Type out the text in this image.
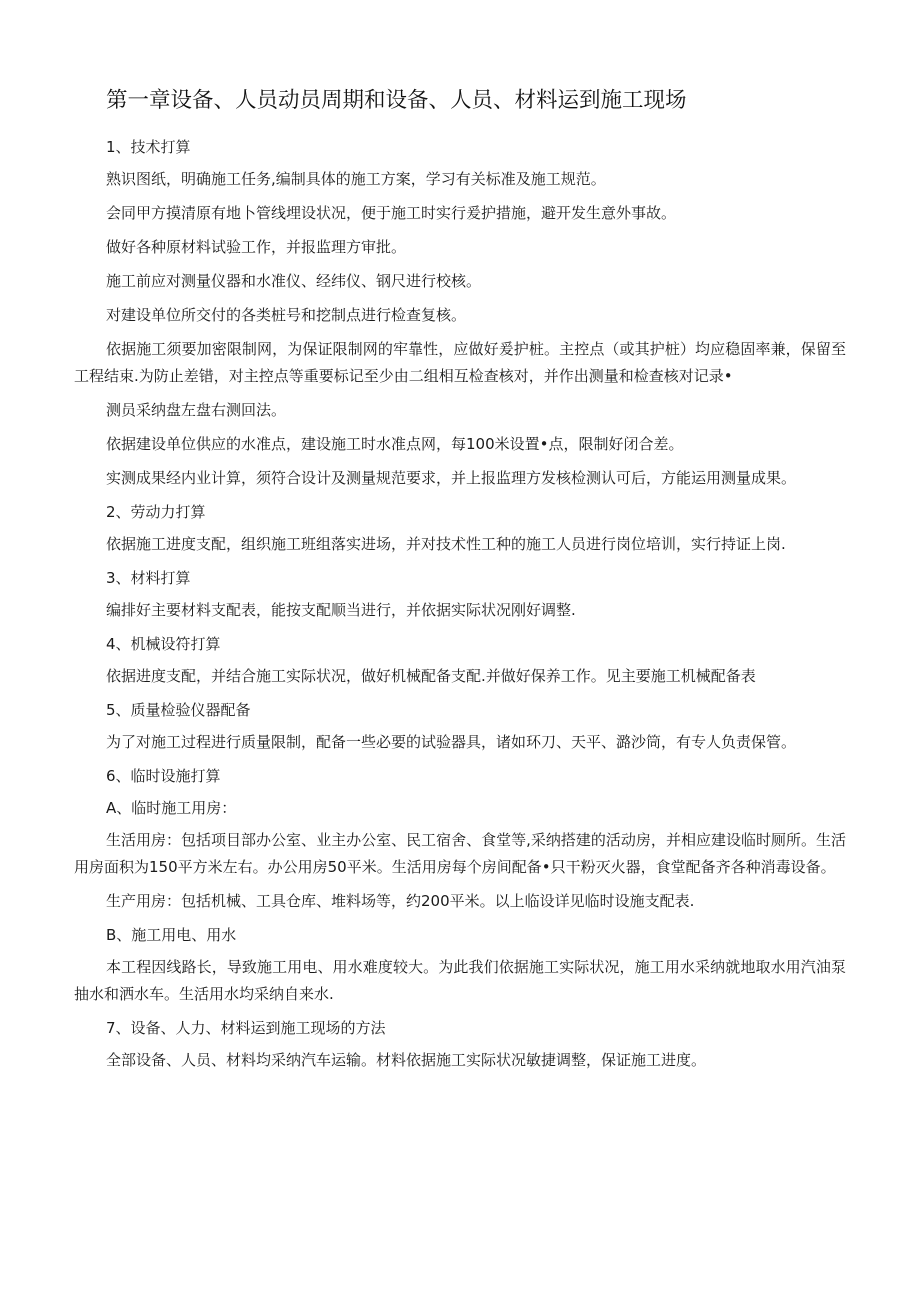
第一章设备、人员动员周期和设备、人员、材料运到施工现场

1、技术打算

熟识图纸，明确施工任务,编制具体的施工方案，学习有关标准及施工规范。

会同甲方摸清原有地卜管线埋设状况，便于施工时实行爰护措施，避开发生意外事故。

做好各种原材料试验工作，并报监理方审批。

施工前应对测量仪器和水准仪、经纬仪、钢尺进行校核。

对建设单位所交付的各类桩号和挖制点进行检查复核。

依据施工须要加密限制网，为保证限制网的牢靠性，应做好爰护桩。主控点（或其护桩）均应稳固率兼，保留至工程结束.为防止差错，对主控点等重要标记至少由二组相互检查核对，并作出测量和检查核对记录•

测员采纳盘左盘右测回法。

依据建设单位供应的水准点，建设施工时水准点网，每100米设置•点，限制好闭合差。

实测成果经内业计算，须符合设计及测量规范要求，并上报监理方发核检测认可后，方能运用测量成果。

2、劳动力打算

依据施工进度支配，组织施工班组落实进场，并对技术性工种的施工人员进行岗位培训，实行持证上岗.

3、材料打算

编排好主要材料支配表，能按支配顺当进行，并依据实际状况刚好调整.

4、机械设符打算

依据进度支配，并结合施工实际状况，做好机械配备支配.并做好保养工作。见主要施工机械配备表

5、质量检验仪器配备

为了对施工过程进行质量限制，配备一些必要的试验器具，诸如环刀、天平、潞沙筒，有专人负责保管。

6、临时设施打算

A、临时施工用房：

生活用房：包括项目部办公室、业主办公室、民工宿舍、食堂等,采纳搭建的活动房，并相应建设临时厕所。生活用房面积为150平方米左右。办公用房50平米。生活用房每个房间配备•只干粉灭火器，食堂配备齐各种消毒设备。

生产用房：包括机械、工具仓库、堆料场等，约200平米。以上临设详见临时设施支配表.

B、施工用电、用水

本工程因线路长，导致施工用电、用水难度较大。为此我们依据施工实际状况，施工用水采纳就地取水用汽油泵抽水和洒水车。生活用水均采纳自来水.

7、设备、人力、材料运到施工现场的方法

全部设备、人员、材料均采纳汽车运输。材料依据施工实际状况敏捷调整，保证施工进度。
